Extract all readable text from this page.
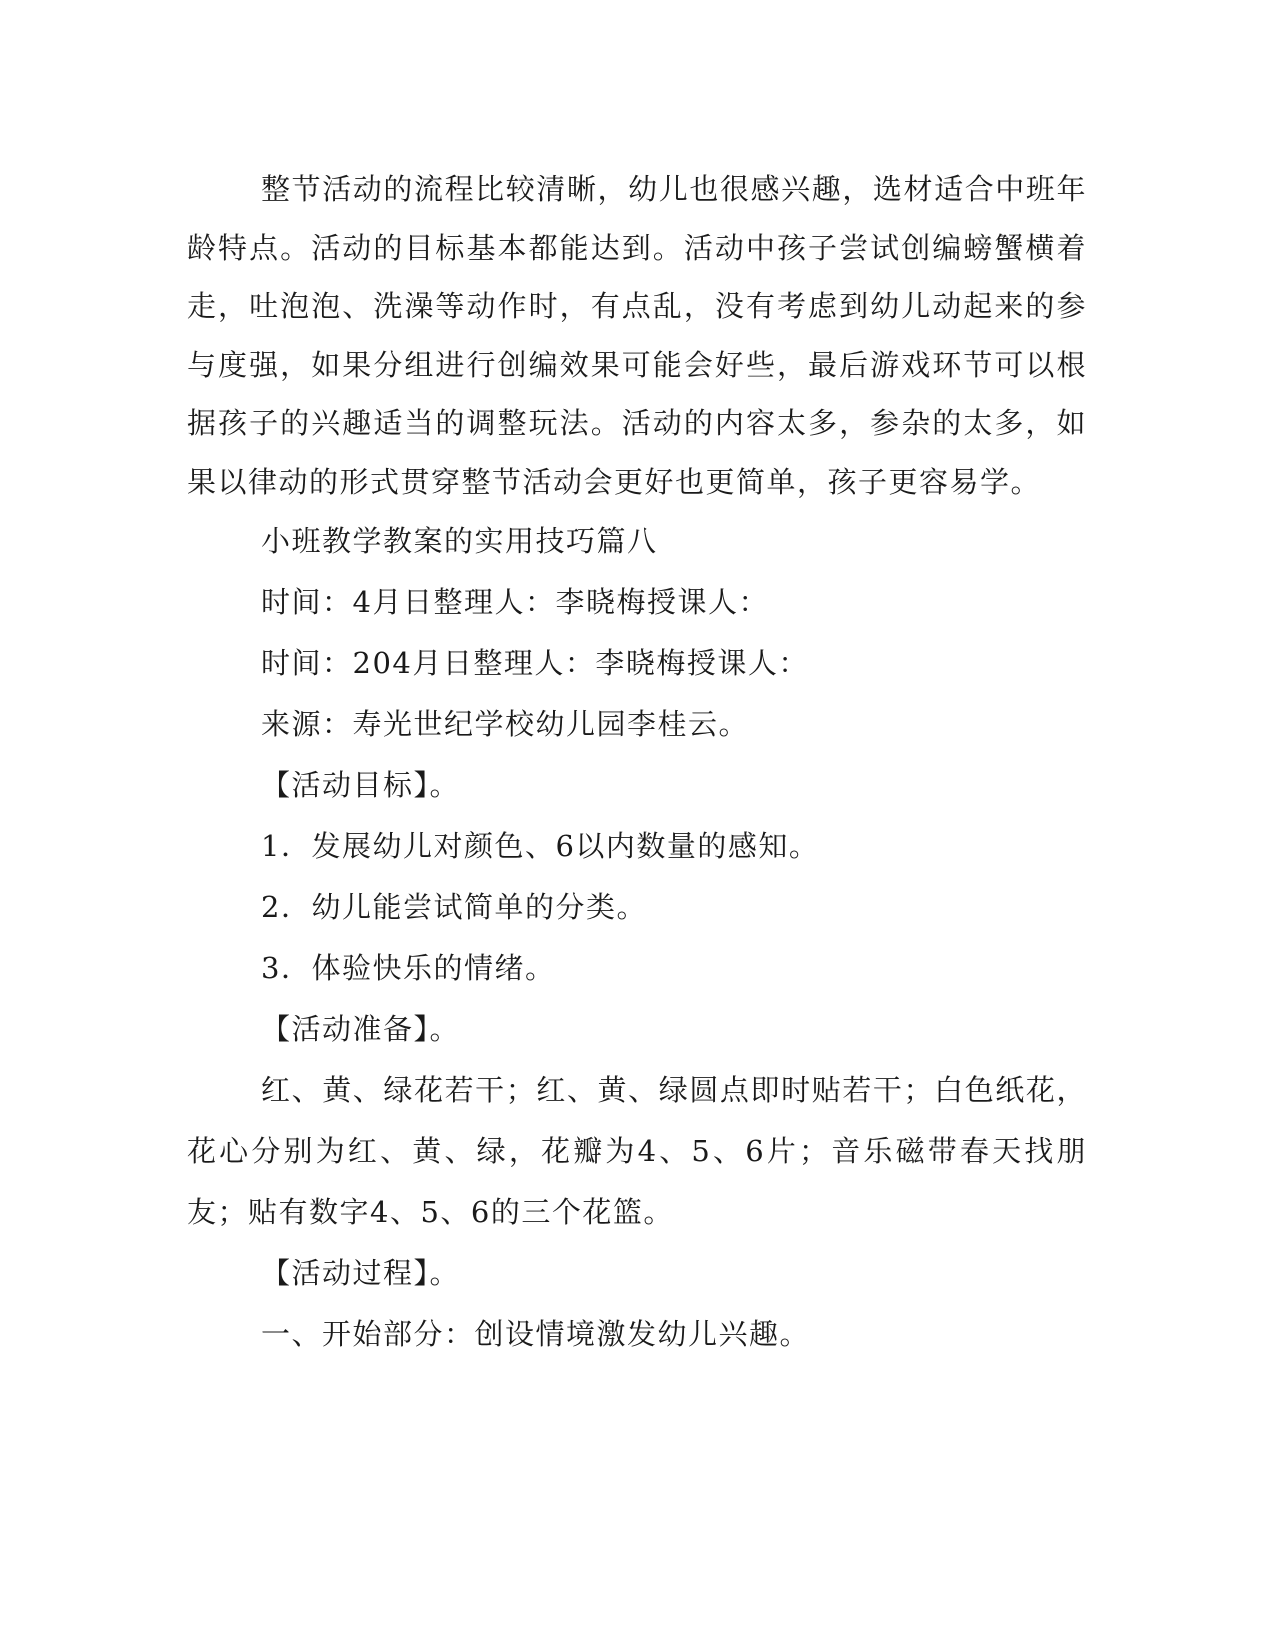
整节活动的流程比较清晰，幼儿也很感兴趣，选材适合中班年龄特点。活动的目标基本都能达到。活动中孩子尝试创编螃蟹横着走，吐泡泡、洗澡等动作时，有点乱，没有考虑到幼儿动起来的参与度强，如果分组进行创编效果可能会好些，最后游戏环节可以根据孩子的兴趣适当的调整玩法。活动的内容太多，参杂的太多，如果以律动的形式贯穿整节活动会更好也更简单，孩子更容易学。

小班教学教案的实用技巧篇八

时间：4月日整理人：李晓梅授课人：

时间：204月日整理人：李晓梅授课人：

来源：寿光世纪学校幼儿园李桂云。

【活动目标】。

1．发展幼儿对颜色、6以内数量的感知。

2．幼儿能尝试简单的分类。

3．体验快乐的情绪。

【活动准备】。

红、黄、绿花若干；红、黄、绿圆点即时贴若干；白色纸花，花心分别为红、黄、绿，花瓣为4、5、6片；音乐磁带春天找朋友；贴有数字4、5、6的三个花篮。

【活动过程】。

一、开始部分：创设情境激发幼儿兴趣。
